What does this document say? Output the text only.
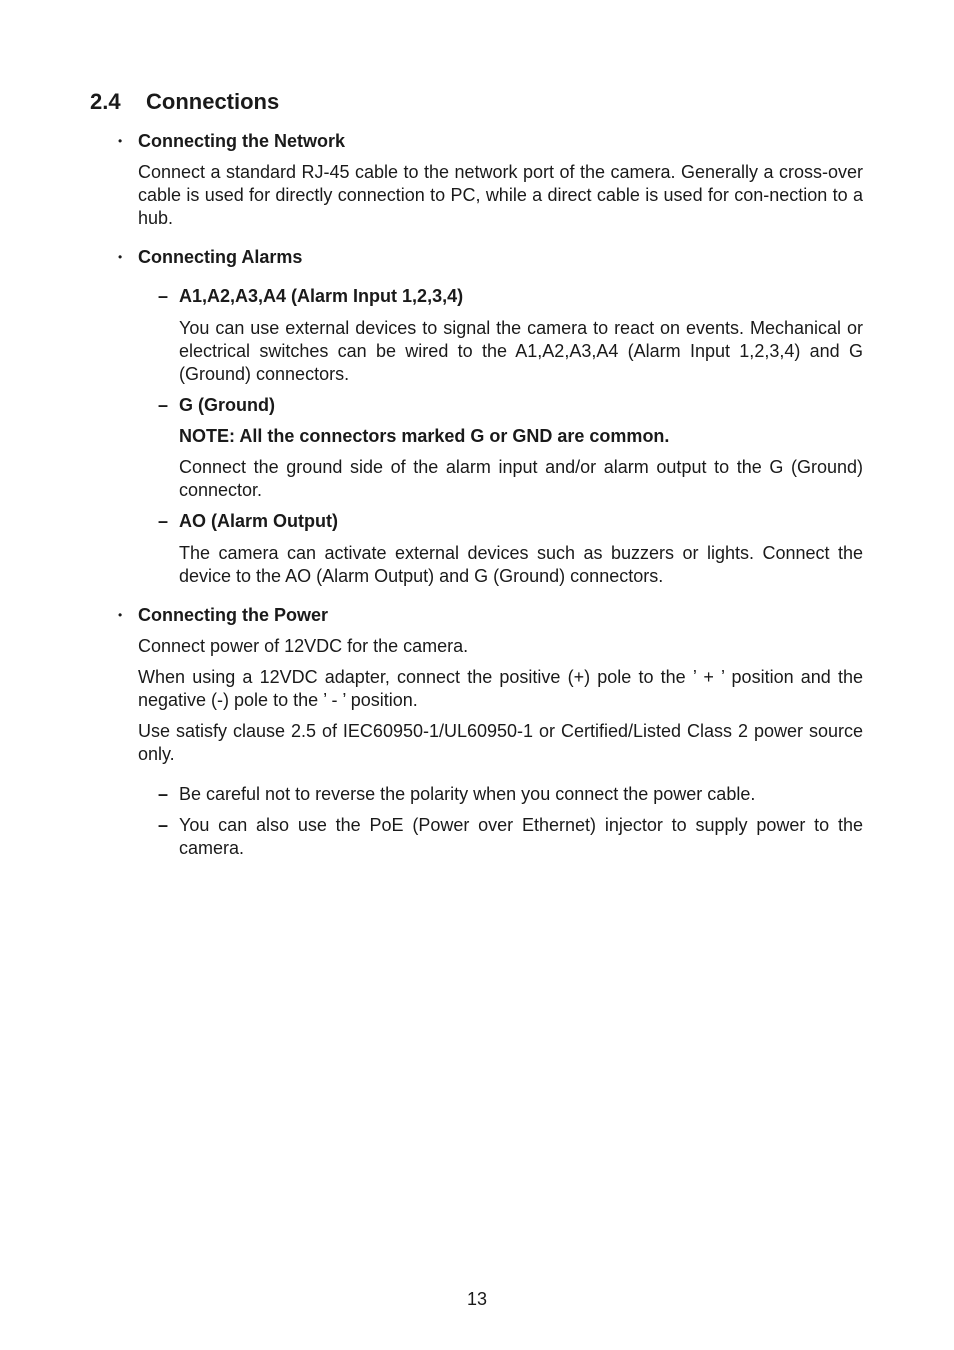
2.4 Connections
• Connecting the Network
Connect a standard RJ-45 cable to the network port of the camera. Generally a cross-over cable is used for directly connection to PC, while a direct cable is used for con-nection to a hub.
• Connecting Alarms
– A1,A2,A3,A4 (Alarm Input 1,2,3,4)
You can use external devices to signal the camera to react on events. Mechanical or electrical switches can be wired to the A1,A2,A3,A4 (Alarm Input 1,2,3,4) and G (Ground) connectors.
– G (Ground)
NOTE: All the connectors marked G or GND are common.
Connect the ground side of the alarm input and/or alarm output to the G (Ground) connector.
– AO (Alarm Output)
The camera can activate external devices such as buzzers or lights. Connect the device to the AO (Alarm Output) and G (Ground) connectors.
• Connecting the Power
Connect power of 12VDC for the camera.
When using a 12VDC adapter, connect the positive (+) pole to the ’ + ’ position and the negative (-) pole to the ’ - ’ position.
Use satisfy clause 2.5 of IEC60950-1/UL60950-1 or Certified/Listed Class 2 power source only.
– Be careful not to reverse the polarity when you connect the power cable.
– You can also use the PoE (Power over Ethernet) injector to supply power to the camera.
13
